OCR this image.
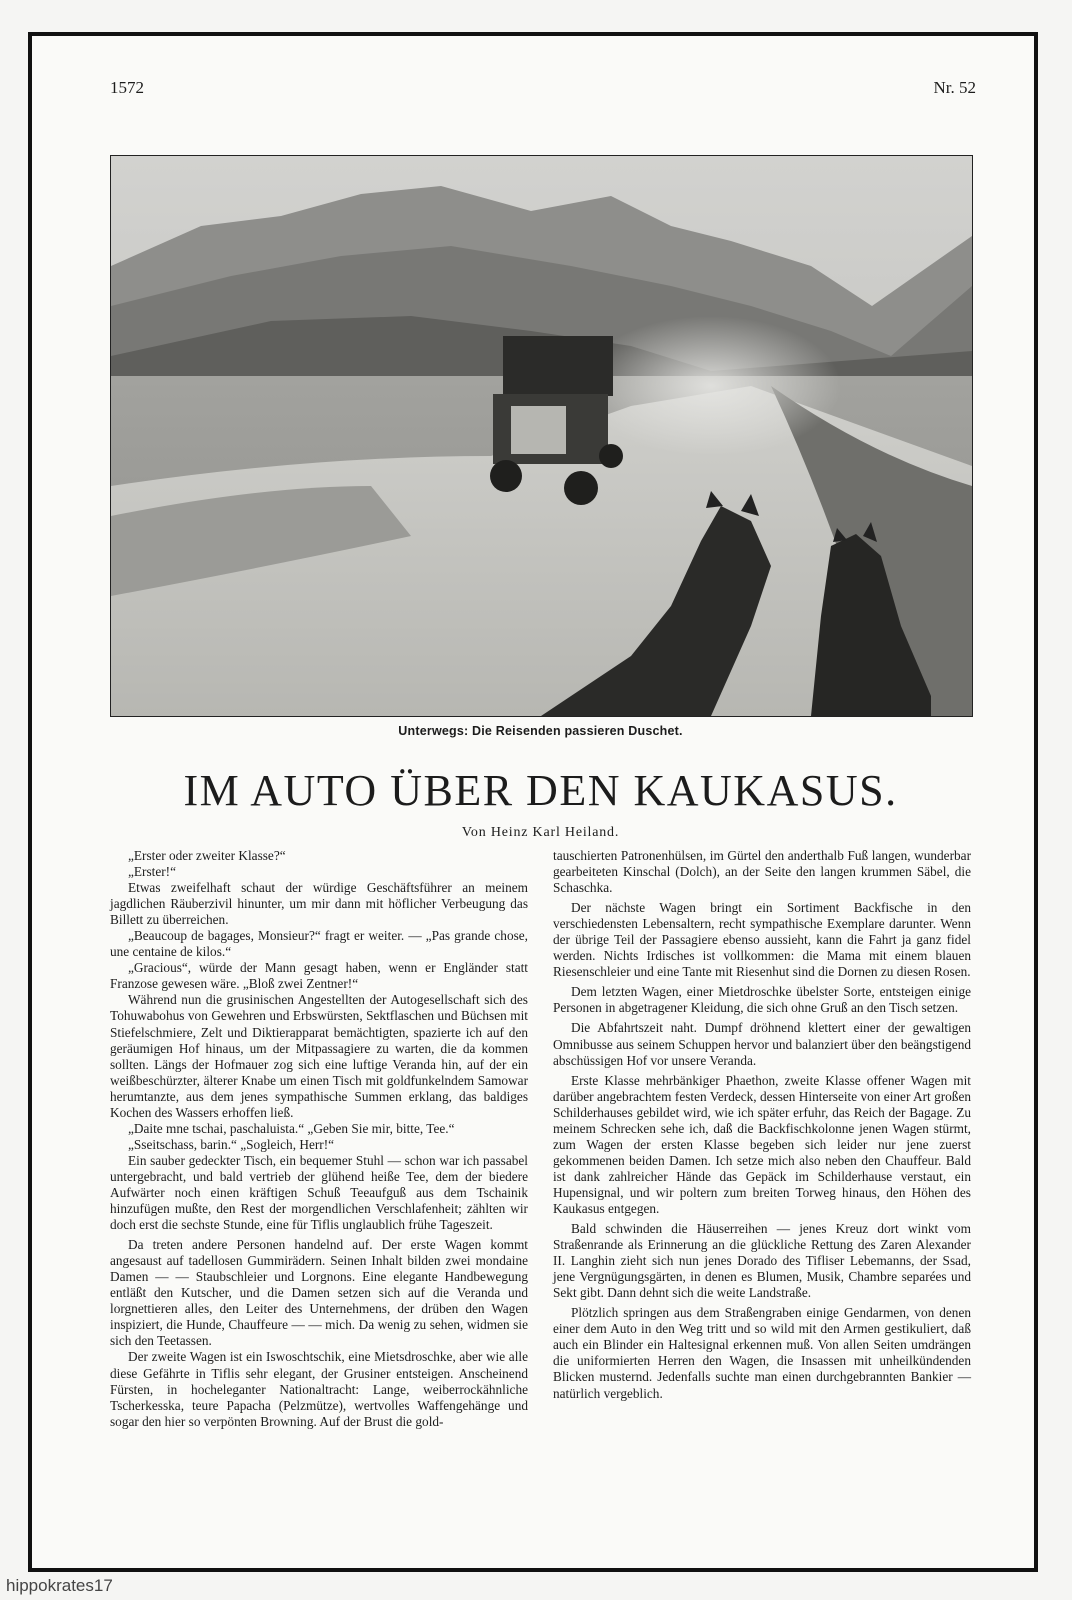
1572	Nr. 52
Unterwegs: Die Reisenden passieren Duschet.
IM AUTO ÜBER DEN KAUKASUS.
Von Heinz Karl Heiland.

„Erster oder zweiter Klasse?“

„Erster!“

Etwas zweifelhaft schaut der würdige Geschäftsführer an meinem jagdlichen Räuberzivil hinunter, um mir dann mit höflicher Verbeugung das Billett zu überreichen.

„Beaucoup de bagages, Monsieur?“ fragt er weiter. — „Pas grande chose, une centaine de kilos.“

„Gracious“, würde der Mann gesagt haben, wenn er Engländer statt Franzose gewesen wäre. „Bloß zwei Zentner!“

Während nun die grusinischen Angestellten der Autogesellschaft sich des Tohuwabohus von Gewehren und Erbswürsten, Sektflaschen und Büchsen mit Stiefelschmiere, Zelt und Diktierapparat bemächtigten, spazierte ich auf den geräumigen Hof hinaus, um der Mitpassagiere zu warten, die da kommen sollten. Längs der Hofmauer zog sich eine luftige Veranda hin, auf der ein weißbeschürzter, älterer Knabe um einen Tisch mit goldfunkelndem Samowar herumtanzte, aus dem jenes sympathische Summen erklang, das baldiges Kochen des Wassers erhoffen ließ.

„Daite mne tschai, paschaluista.“ „Geben Sie mir, bitte, Tee.“

„Sseitschass, barin.“ „Sogleich, Herr!“

Ein sauber gedeckter Tisch, ein bequemer Stuhl — schon war ich passabel untergebracht, und bald vertrieb der glühend heiße Tee, dem der biedere Aufwärter noch einen kräftigen Schuß Teeaufguß aus dem Tschainik hinzufügen mußte, den Rest der morgendlichen Verschlafenheit; zählten wir doch erst die sechste Stunde, eine für Tiflis unglaublich frühe Tageszeit.

Da treten andere Personen handelnd auf. Der erste Wagen kommt angesaust auf tadellosen Gummirädern. Seinen Inhalt bilden zwei mondaine Damen — — Staubschleier und Lorgnons. Eine elegante Handbewegung entläßt den Kutscher, und die Damen setzen sich auf die Veranda und lorgnettieren alles, den Leiter des Unternehmens, der drüben den Wagen inspiziert, die Hunde, Chauffeure — — mich. Da wenig zu sehen, widmen sie sich den Teetassen.

Der zweite Wagen ist ein Iswoschtschik, eine Mietsdroschke, aber wie alle diese Gefährte in Tiflis sehr elegant, der Grusiner entsteigen. Anscheinend Fürsten, in hocheleganter Nationaltracht: Lange, weiberrockähnliche Tscherkesska, teure Papacha (Pelzmütze), wertvolles Waffengehänge und sogar den hier so verpönten Browning. Auf der Brust die gold-

tauschierten Patronenhülsen, im Gürtel den anderthalb Fuß langen, wunderbar gearbeiteten Kinschal (Dolch), an der Seite den langen krummen Säbel, die Schaschka.

Der nächste Wagen bringt ein Sortiment Backfische in den verschiedensten Lebensaltern, recht sympathische Exemplare darunter. Wenn der übrige Teil der Passagiere ebenso aussieht, kann die Fahrt ja ganz fidel werden. Nichts Irdisches ist vollkommen: die Mama mit einem blauen Riesenschleier und eine Tante mit Riesenhut sind die Dornen zu diesen Rosen.

Dem letzten Wagen, einer Mietdroschke übelster Sorte, entsteigen einige Personen in abgetragener Kleidung, die sich ohne Gruß an den Tisch setzen.

Die Abfahrtszeit naht. Dumpf dröhnend klettert einer der gewaltigen Omnibusse aus seinem Schuppen hervor und balanziert über den beängstigend abschüssigen Hof vor unsere Veranda.

Erste Klasse mehrbänkiger Phaethon, zweite Klasse offener Wagen mit darüber angebrachtem festen Verdeck, dessen Hinterseite von einer Art großen Schilderhauses gebildet wird, wie ich später erfuhr, das Reich der Bagage. Zu meinem Schrecken sehe ich, daß die Backfischkolonne jenen Wagen stürmt, zum Wagen der ersten Klasse begeben sich leider nur jene zuerst gekommenen beiden Damen. Ich setze mich also neben den Chauffeur. Bald ist dank zahlreicher Hände das Gepäck im Schilderhause verstaut, ein Hupensignal, und wir poltern zum breiten Torweg hinaus, den Höhen des Kaukasus entgegen.

Bald schwinden die Häuserreihen — jenes Kreuz dort winkt vom Straßenrande als Erinnerung an die glückliche Rettung des Zaren Alexander II. Langhin zieht sich nun jenes Dorado des Tifliser Lebemanns, der Ssad, jene Vergnügungsgärten, in denen es Blumen, Musik, Chambre separées und Sekt gibt. Dann dehnt sich die weite Landstraße.

Plötzlich springen aus dem Straßengraben einige Gendarmen, von denen einer dem Auto in den Weg tritt und so wild mit den Armen gestikuliert, daß auch ein Blinder ein Haltesignal erkennen muß. Von allen Seiten umdrängen die uniformierten Herren den Wagen, die Insassen mit unheilkündenden Blicken musternd. Jedenfalls suchte man einen durchgebrannten Bankier — natürlich vergeblich.

hippokrates17
